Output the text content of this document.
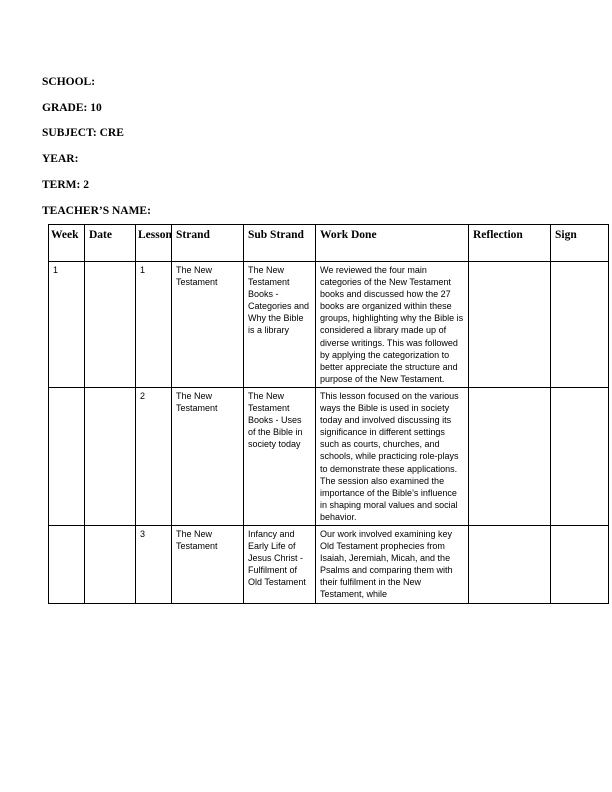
SCHOOL:
GRADE: 10
SUBJECT: CRE
YEAR:
TERM: 2
TEACHER’S NAME:
Week	Date	Lesson	Strand	Sub Strand	Work Done	Reflection	Sign
1		1	The New Testament	The New Testament Books - Categories and Why the Bible is a library	We reviewed the four main categories of the New Testament books and discussed how the 27 books are organized within these groups, highlighting why the Bible is considered a library made up of diverse writings. This was followed by applying the categorization to better appreciate the structure and purpose of the New Testament.		
		2	The New Testament	The New Testament Books - Uses of the Bible in society today	This lesson focused on the various ways the Bible is used in society today and involved discussing its significance in different settings such as courts, churches, and schools, while practicing role-plays to demonstrate these applications. The session also examined the importance of the Bible’s influence in shaping moral values and social behavior.		
		3	The New Testament	Infancy and Early Life of Jesus Christ - Fulfilment of Old Testament	Our work involved examining key Old Testament prophecies from Isaiah, Jeremiah, Micah, and the Psalms and comparing them with their fulfilment in the New Testament, while		
